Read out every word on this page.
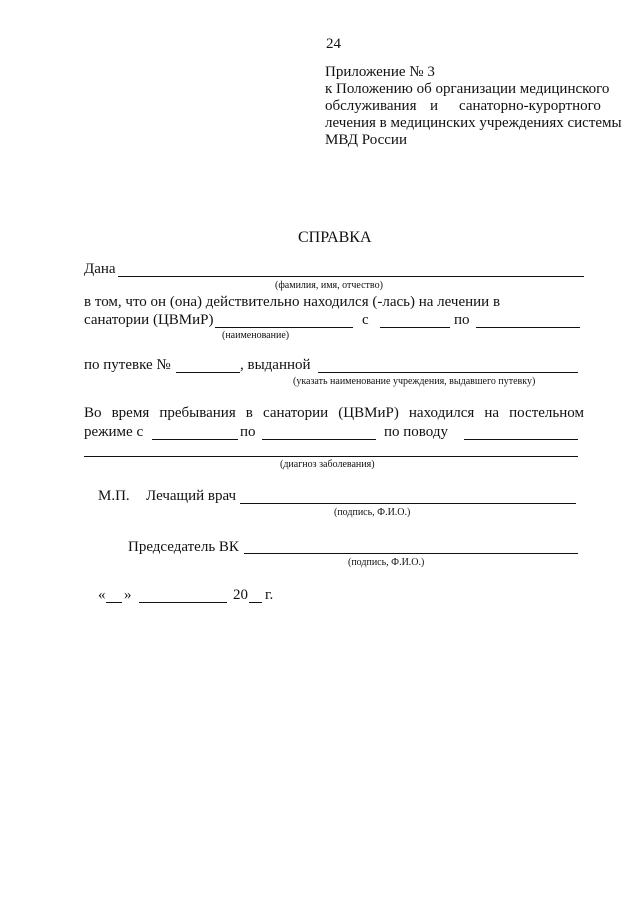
24
Приложение № 3
к Положению об организации медицинского
обслуживания и санаторно-курортного
лечения в медицинских учреждениях системы
МВД России
СПРАВКА
Дана
(фамилия, имя, отчество)
в том, что он (она) действительно находился (-лась) на лечении в
санатории (ЦВМиР)	с	по
(наименование)
по путевке №	, выданной
(указать наименование учреждения, выдавшего путевку)
Во время пребывания в санатории (ЦВМиР) находился на постельном
режиме с	по	по поводу
(диагноз заболевания)
М.П. Лечащий врач
(подпись, Ф.И.О.)
Председатель ВК
(подпись, Ф.И.О.)
« »	20 г.
